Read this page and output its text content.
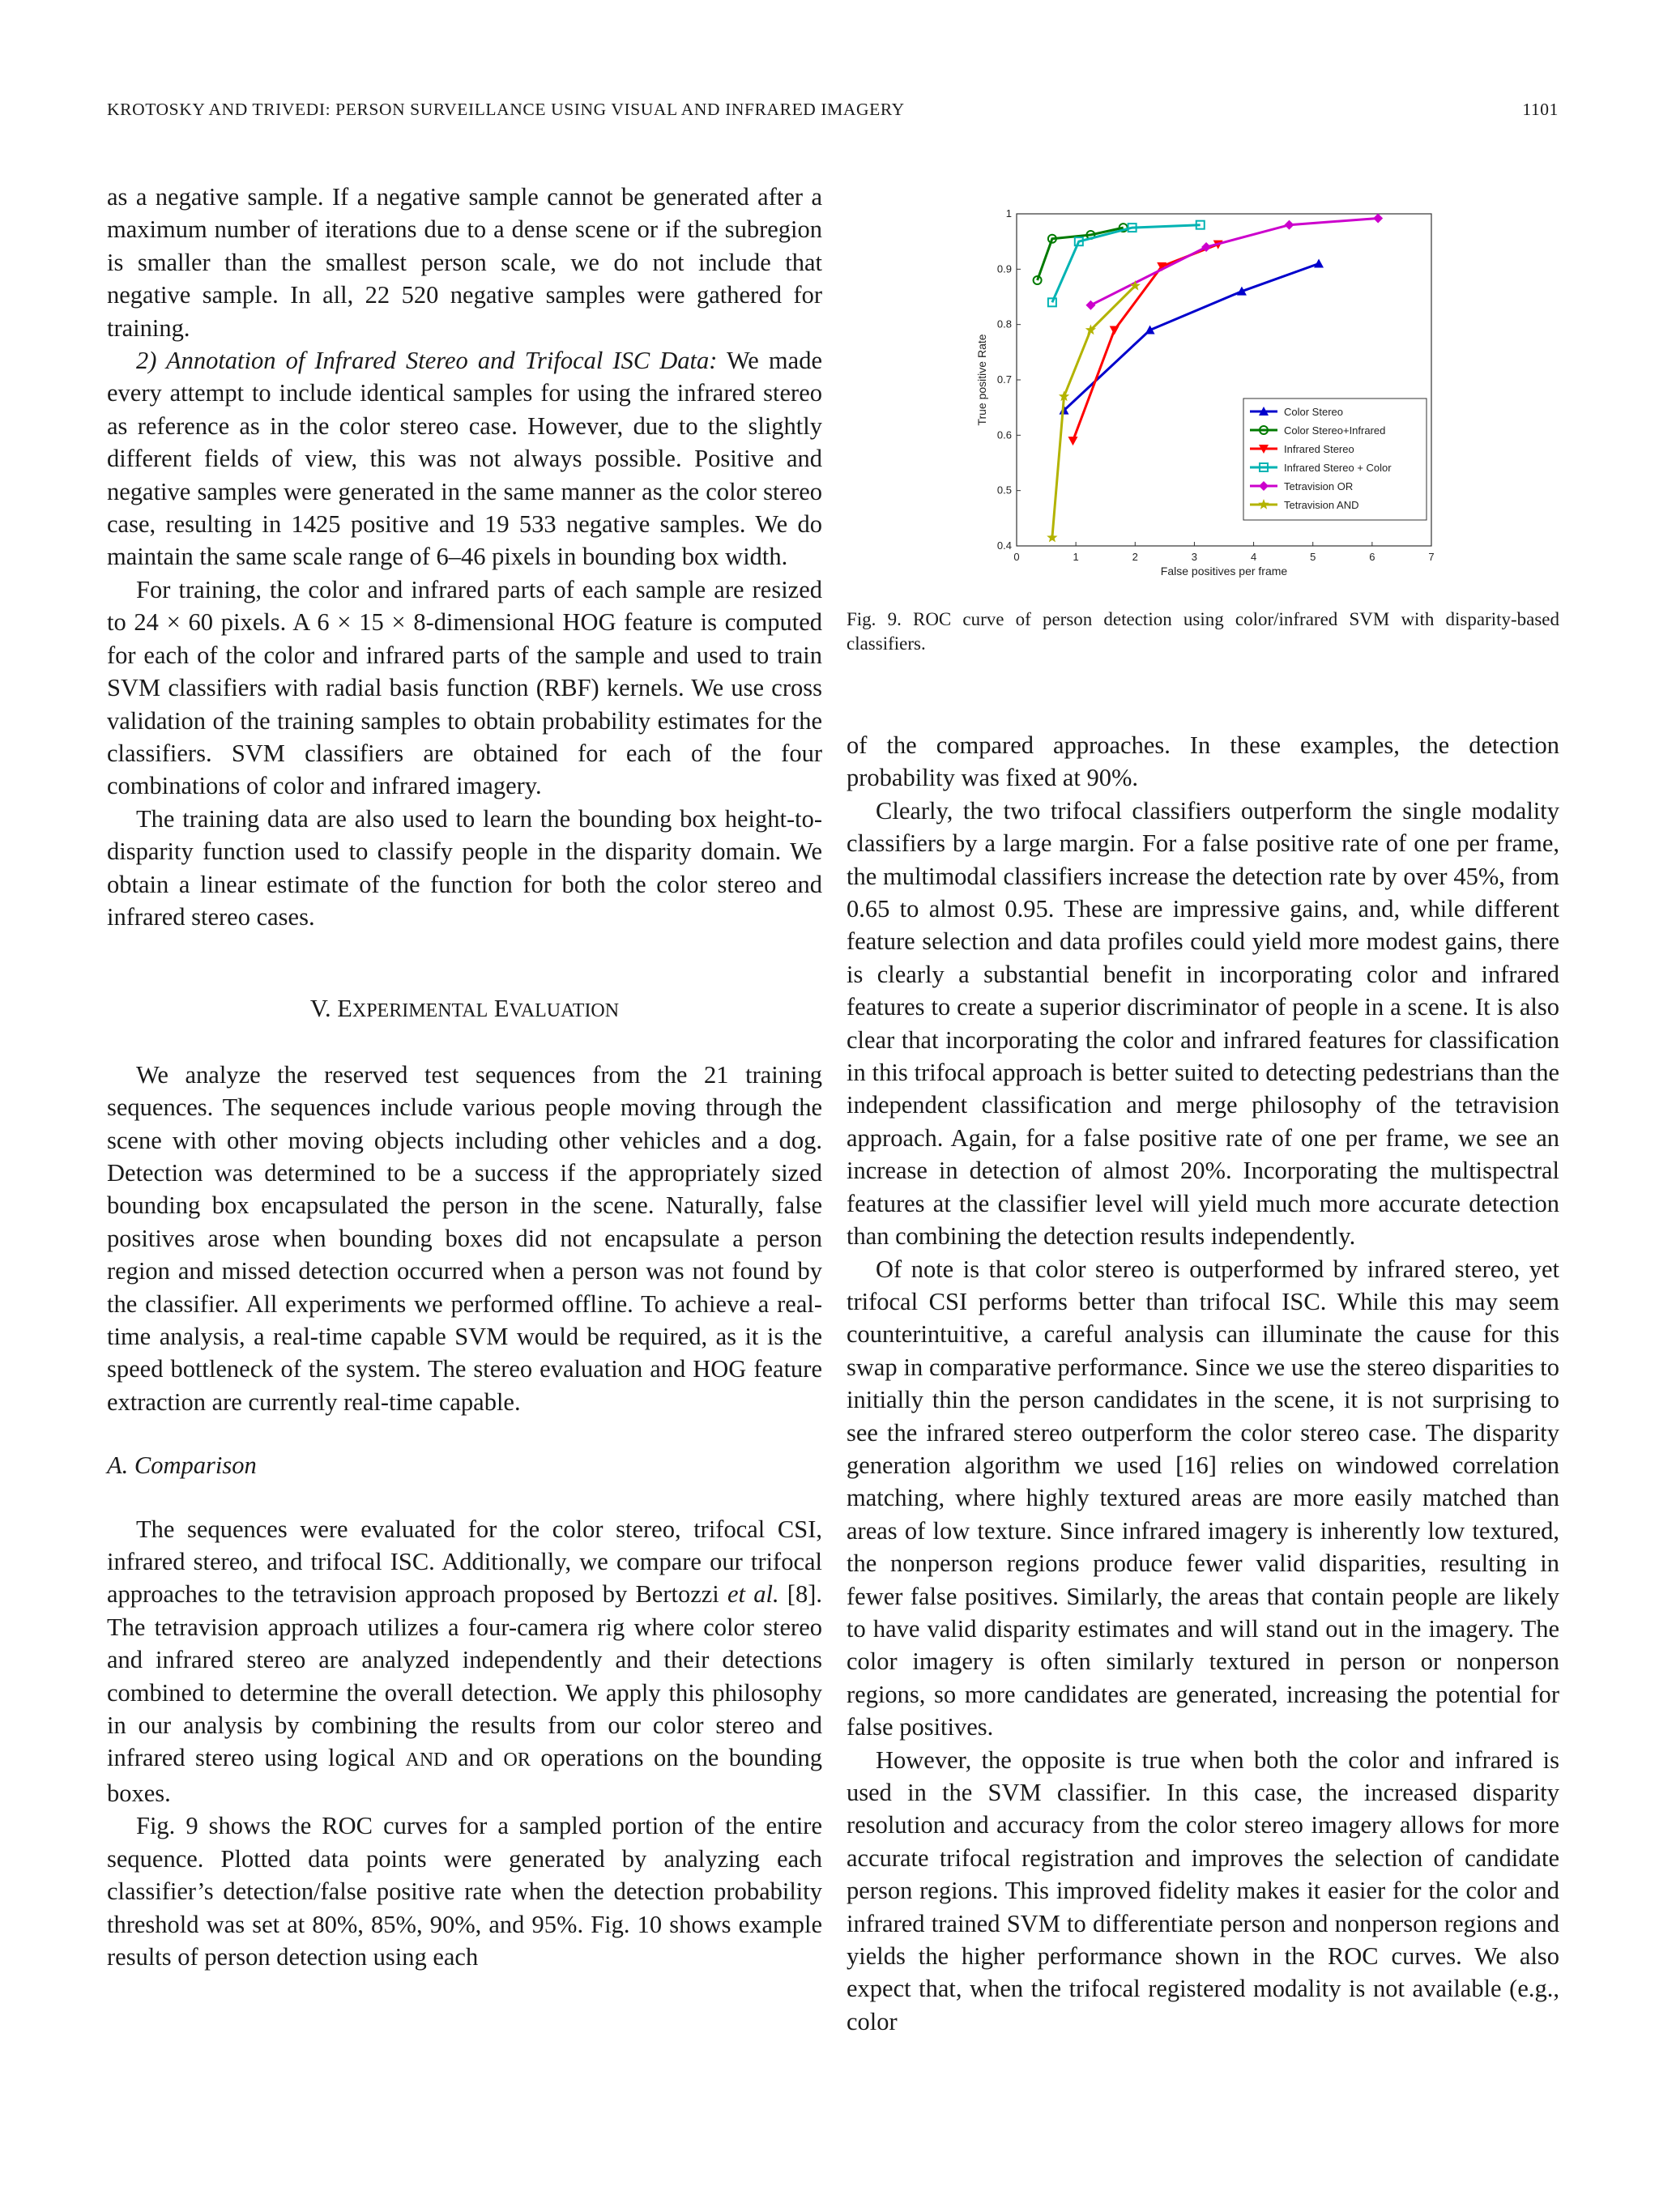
KROTOSKY AND TRIVEDI: PERSON SURVEILLANCE USING VISUAL AND INFRARED IMAGERY	1101

as a negative sample. If a negative sample cannot be generated after a maximum number of iterations due to a dense scene or if the subregion is smaller than the smallest person scale, we do not include that negative sample. In all, 22 520 negative samples were gathered for training.

2) Annotation of Infrared Stereo and Trifocal ISC Data: We made every attempt to include identical samples for using the infrared stereo as reference as in the color stereo case. However, due to the slightly different fields of view, this was not always possible. Positive and negative samples were generated in the same manner as the color stereo case, resulting in 1425 positive and 19 533 negative samples. We do maintain the same scale range of 6–46 pixels in bounding box width.

For training, the color and infrared parts of each sample are resized to 24 × 60 pixels. A 6 × 15 × 8-dimensional HOG feature is computed for each of the color and infrared parts of the sample and used to train SVM classifiers with radial basis function (RBF) kernels. We use cross validation of the training samples to obtain probability estimates for the classifiers. SVM classifiers are obtained for each of the four combinations of color and infrared imagery.

The training data are also used to learn the bounding box height-to-disparity function used to classify people in the disparity domain. We obtain a linear estimate of the function for both the color stereo and infrared stereo cases.

V. EXPERIMENTAL EVALUATION

We analyze the reserved test sequences from the 21 training sequences. The sequences include various people moving through the scene with other moving objects including other vehicles and a dog. Detection was determined to be a success if the appropriately sized bounding box encapsulated the person in the scene. Naturally, false positives arose when bounding boxes did not encapsulate a person region and missed detection occurred when a person was not found by the classifier. All experiments we performed offline. To achieve a real-time analysis, a real-time capable SVM would be required, as it is the speed bottleneck of the system. The stereo evaluation and HOG feature extraction are currently real-time capable.

A. Comparison

The sequences were evaluated for the color stereo, trifocal CSI, infrared stereo, and trifocal ISC. Additionally, we compare our trifocal approaches to the tetravision approach proposed by Bertozzi et al. [8]. The tetravision approach utilizes a four-camera rig where color stereo and infrared stereo are analyzed independently and their detections combined to determine the overall detection. We apply this philosophy in our analysis by combining the results from our color stereo and infrared stereo using logical AND and OR operations on the bounding boxes.

Fig. 9 shows the ROC curves for a sampled portion of the entire sequence. Plotted data points were generated by analyzing each classifier’s detection/false positive rate when the detection probability threshold was set at 80%, 85%, 90%, and 95%. Fig. 10 shows example results of person detection using each

0	1	2	3	4	5	6	7
0.4
0.5
0.6
0.7
0.8
0.9
1
False positives per frame
True positive Rate	Color Stereo
Color Stereo+Infrared
Infrared Stereo
Infrared Stereo + Color
Tetravision OR
Tetravision AND
Fig. 9. ROC curve of person detection using color/infrared SVM with disparity-based classifiers.

of the compared approaches. In these examples, the detection probability was fixed at 90%.

Clearly, the two trifocal classifiers outperform the single modality classifiers by a large margin. For a false positive rate of one per frame, the multimodal classifiers increase the detection rate by over 45%, from 0.65 to almost 0.95. These are impressive gains, and, while different feature selection and data profiles could yield more modest gains, there is clearly a substantial benefit in incorporating color and infrared features to create a superior discriminator of people in a scene. It is also clear that incorporating the color and infrared features for classification in this trifocal approach is better suited to detecting pedestrians than the independent classification and merge philosophy of the tetravision approach. Again, for a false positive rate of one per frame, we see an increase in detection of almost 20%. Incorporating the multispectral features at the classifier level will yield much more accurate detection than combining the detection results independently.

Of note is that color stereo is outperformed by infrared stereo, yet trifocal CSI performs better than trifocal ISC. While this may seem counterintuitive, a careful analysis can illuminate the cause for this swap in comparative performance. Since we use the stereo disparities to initially thin the person candidates in the scene, it is not surprising to see the infrared stereo outperform the color stereo case. The disparity generation algorithm we used [16] relies on windowed correlation matching, where highly textured areas are more easily matched than areas of low texture. Since infrared imagery is inherently low textured, the nonperson regions produce fewer valid disparities, resulting in fewer false positives. Similarly, the areas that contain people are likely to have valid disparity estimates and will stand out in the imagery. The color imagery is often similarly textured in person or nonperson regions, so more candidates are generated, increasing the potential for false positives.

However, the opposite is true when both the color and infrared is used in the SVM classifier. In this case, the increased disparity resolution and accuracy from the color stereo imagery allows for more accurate trifocal registration and improves the selection of candidate person regions. This improved fidelity makes it easier for the color and infrared trained SVM to differentiate person and nonperson regions and yields the higher performance shown in the ROC curves. We also expect that, when the trifocal registered modality is not available (e.g., color
